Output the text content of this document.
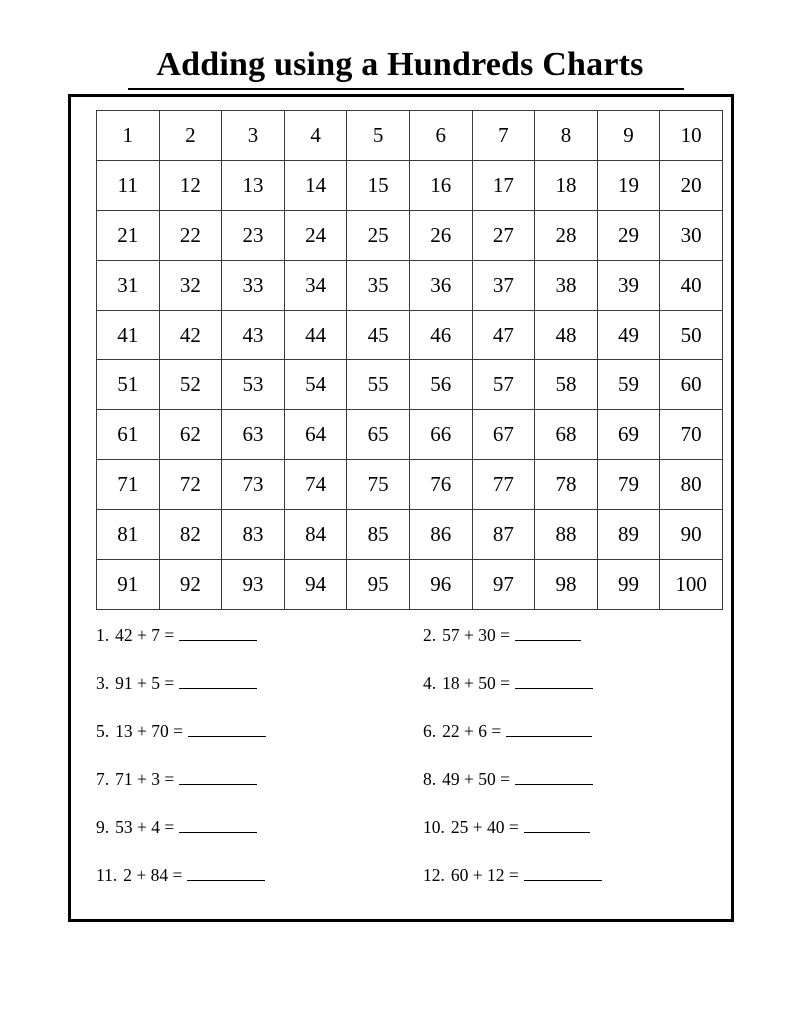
Adding using a Hundreds Charts
1	2	3	4	5	6	7	8	9	10
11	12	13	14	15	16	17	18	19	20
21	22	23	24	25	26	27	28	29	30
31	32	33	34	35	36	37	38	39	40
41	42	43	44	45	46	47	48	49	50
51	52	53	54	55	56	57	58	59	60
61	62	63	64	65	66	67	68	69	70
71	72	73	74	75	76	77	78	79	80
81	82	83	84	85	86	87	88	89	90
91	92	93	94	95	96	97	98	99	100
1. 42 + 7 =	2. 57 + 30 =
3. 91 + 5 =	4. 18 + 50 =
5. 13 + 70 =	6. 22 + 6 =
7. 71 + 3 =	8. 49 + 50 =
9. 53 + 4 =	10. 25 + 40 =
11. 2 + 84 =	12. 60 + 12 =
